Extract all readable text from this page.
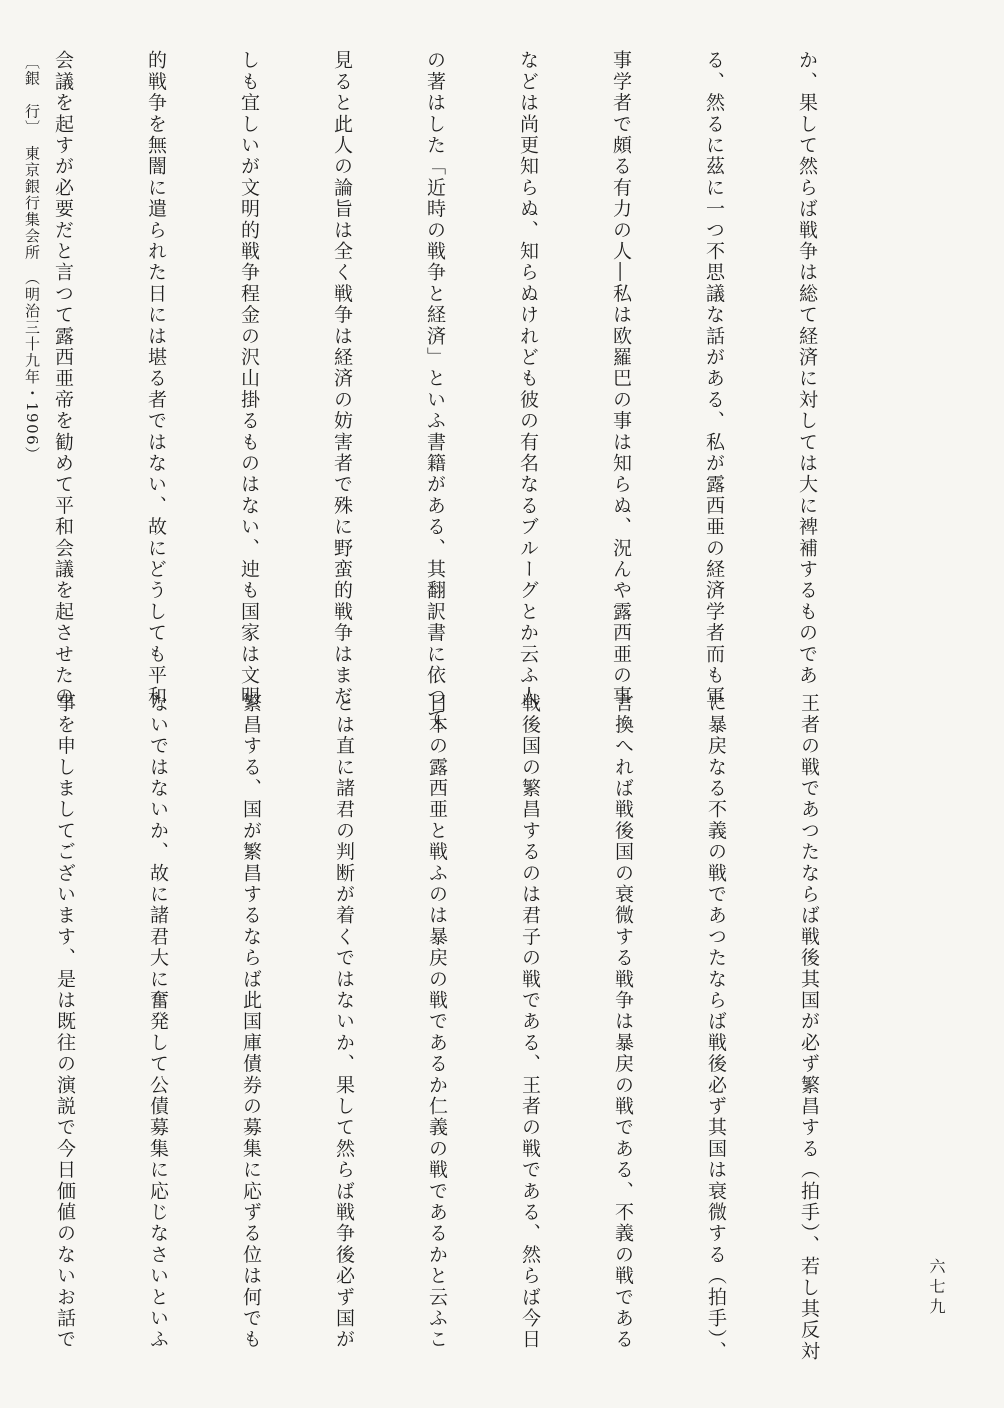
か、果して然らば戦争は総て経済に対しては大に裨補するものであ

る、然るに茲に一つ不思議な話がある、私が露西亜の経済学者而も軍

事学者で頗る有力の人―私は欧羅巴の事は知らぬ、況んや露西亜の事

などは尚更知らぬ、知らぬけれども彼の有名なるブルーグとか云ふ人

の著はした「近時の戦争と経済」といふ書籍がある、其翻訳書に依つて

見ると此人の論旨は全く戦争は経済の妨害者で殊に野蛮的戦争はまだ

しも宜しいが文明的戦争程金の沢山掛るものはない、迚も国家は文明

的戦争を無闇に遣られた日には堪る者ではない、故にどうしても平和

会議を起すが必要だと言つて露西亜帝を勧めて平和会議を起させたの

王者の戦であつたならば戦後其国が必ず繁昌する（拍手）、若し其反対

に暴戻なる不義の戦であつたならば戦後必ず其国は衰微する（拍手）、

言換へれば戦後国の衰微する戦争は暴戻の戦である、不義の戦である

戦後国の繁昌するのは君子の戦である、王者の戦である、然らば今日

日本の露西亜と戦ふのは暴戻の戦であるか仁義の戦であるかと云ふこ

とは直に諸君の判断が着くではないか、果して然らば戦争後必ず国が

繁昌する、国が繁昌するならば此国庫債券の募集に応ずる位は何でも

ないではないか、故に諸君大に奮発して公債募集に応じなさいといふ

事を申しましてございます、是は既往の演説で今日価値のないお話で

〔銀　行〕　東京銀行集会所　（明治三十九年・1906）
六七九
